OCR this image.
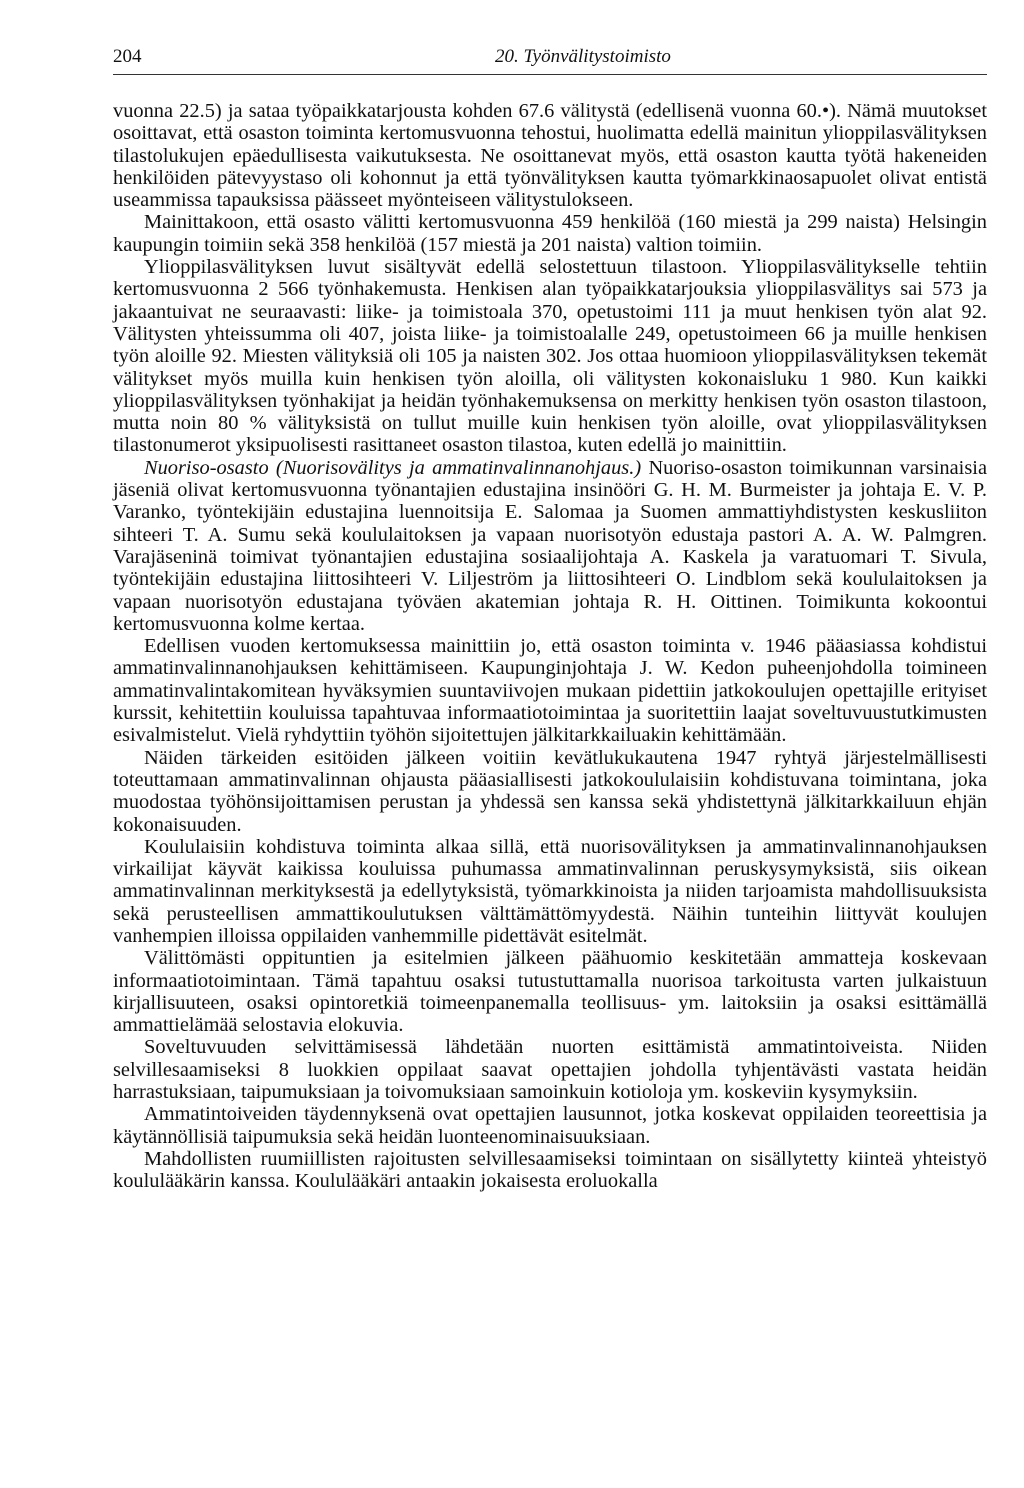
204	20. Työnvälitystoimisto

vuonna 22.5) ja sataa työpaikkatarjousta kohden 67.6 välitystä (edellisenä vuonna 60.•). Nämä muutokset osoittavat, että osaston toiminta kertomusvuonna tehostui, huolimatta edellä mainitun ylioppilasvälityksen tilastolukujen epäedullisesta vaikutuksesta. Ne osoittanevat myös, että osaston kautta työtä hakeneiden henkilöiden pätevyystaso oli kohonnut ja että työnvälityksen kautta työmarkkinaosapuolet olivat entistä useammissa tapauksissa päässeet myönteiseen välitystulokseen.

Mainittakoon, että osasto välitti kertomusvuonna 459 henkilöä (160 miestä ja 299 naista) Helsingin kaupungin toimiin sekä 358 henkilöä (157 miestä ja 201 naista) valtion toimiin.

Ylioppilasvälityksen luvut sisältyvät edellä selostettuun tilastoon. Ylioppilasvälitykselle tehtiin kertomusvuonna 2 566 työnhakemusta. Henkisen alan työpaikkatarjouksia ylioppilasvälitys sai 573 ja jakaantuivat ne seuraavasti: liike- ja toimistoala 370, opetustoimi 111 ja muut henkisen työn alat 92. Välitysten yhteissumma oli 407, joista liike- ja toimistoalalle 249, opetustoimeen 66 ja muille henkisen työn aloille 92. Miesten välityksiä oli 105 ja naisten 302. Jos ottaa huomioon ylioppilasvälityksen tekemät välitykset myös muilla kuin henkisen työn aloilla, oli välitysten kokonaisluku 1 980. Kun kaikki ylioppilasvälityksen työnhakijat ja heidän työnhakemuksensa on merkitty henkisen työn osaston tilastoon, mutta noin 80 % välityksistä on tullut muille kuin henkisen työn aloille, ovat ylioppilasvälityksen tilastonumerot yksipuolisesti rasittaneet osaston tilastoa, kuten edellä jo mainittiin.

Nuoriso-osasto (Nuorisovälitys ja ammatinvalinnanohjaus.) Nuoriso-osaston toimikunnan varsinaisia jäseniä olivat kertomusvuonna työnantajien edustajina insinööri G. H. M. Burmeister ja johtaja E. V. P. Varanko, työntekijäin edustajina luennoitsija E. Salomaa ja Suomen ammattiyhdistysten keskusliiton sihteeri T. A. Sumu sekä koululaitoksen ja vapaan nuorisotyön edustaja pastori A. A. W. Palmgren. Varajäseninä toimivat työnantajien edustajina sosiaalijohtaja A. Kaskela ja varatuomari T. Sivula, työntekijäin edustajina liittosihteeri V. Liljeström ja liittosihteeri O. Lindblom sekä koululaitoksen ja vapaan nuorisotyön edustajana työväen akatemian johtaja R. H. Oittinen. Toimikunta kokoontui kertomusvuonna kolme kertaa.

Edellisen vuoden kertomuksessa mainittiin jo, että osaston toiminta v. 1946 pääasiassa kohdistui ammatinvalinnanohjauksen kehittämiseen. Kaupunginjohtaja J. W. Kedon puheenjohdolla toimineen ammatinvalintakomitean hyväksymien suuntaviivojen mukaan pidettiin jatkokoulujen opettajille erityiset kurssit, kehitettiin kouluissa tapahtuvaa informaatiotoimintaa ja suoritettiin laajat soveltuvuustutkimusten esivalmistelut. Vielä ryhdyttiin työhön sijoitettujen jälkitarkkailuakin kehittämään.

Näiden tärkeiden esitöiden jälkeen voitiin kevätlukukautena 1947 ryhtyä järjestelmällisesti toteuttamaan ammatinvalinnan ohjausta pääasiallisesti jatkokoululaisiin kohdistuvana toimintana, joka muodostaa työhönsijoittamisen perustan ja yhdessä sen kanssa sekä yhdistettynä jälkitarkkailuun ehjän kokonaisuuden.

Koululaisiin kohdistuva toiminta alkaa sillä, että nuorisovälityksen ja ammatinvalinnanohjauksen virkailijat käyvät kaikissa kouluissa puhumassa ammatinvalinnan peruskysymyksistä, siis oikean ammatinvalinnan merkityksestä ja edellytyksistä, työmarkkinoista ja niiden tarjoamista mahdollisuuksista sekä perusteellisen ammattikoulutuksen välttämättömyydestä. Näihin tunteihin liittyvät koulujen vanhempien illoissa oppilaiden vanhemmille pidettävät esitelmät.

Välittömästi oppituntien ja esitelmien jälkeen päähuomio keskitetään ammatteja koskevaan informaatiotoimintaan. Tämä tapahtuu osaksi tutustuttamalla nuorisoa tarkoitusta varten julkaistuun kirjallisuuteen, osaksi opintoretkiä toimeenpanemalla teollisuus- ym. laitoksiin ja osaksi esittämällä ammattielämää selostavia elokuvia.

Soveltuvuuden selvittämisessä lähdetään nuorten esittämistä ammatintoiveista. Niiden selvillesaamiseksi 8 luokkien oppilaat saavat opettajien johdolla tyhjentävästi vastata heidän harrastuksiaan, taipumuksiaan ja toivomuksiaan samoinkuin kotioloja ym. koskeviin kysymyksiin.

Ammatintoiveiden täydennyksenä ovat opettajien lausunnot, jotka koskevat oppilaiden teoreettisia ja käytännöllisiä taipumuksia sekä heidän luonteenominaisuuksiaan.

Mahdollisten ruumiillisten rajoitusten selvillesaamiseksi toimintaan on sisällytetty kiinteä yhteistyö koululääkärin kanssa. Koululääkäri antaakin jokaisesta eroluokalla
